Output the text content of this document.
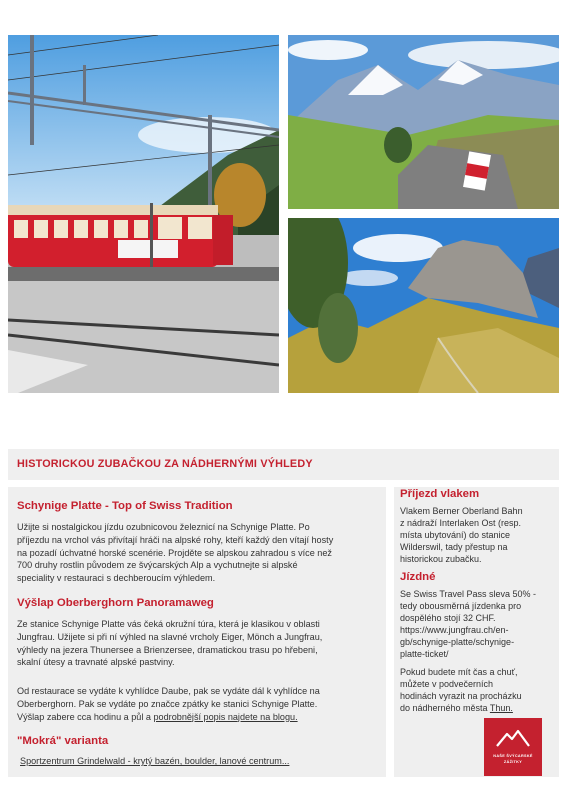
HISTORICKOU ZUBAČKOU ZA NÁDHERNÝMI VÝHLEDY
Schynige Platte - Top of Swiss Tradition
Užijte si nostalgickou jízdu ozubnicovou železnicí na Schynige Platte. Po
příjezdu na vrchol vás přivítají hráči na alpské rohy, kteří každý den vítají hosty
na pozadí úchvatné horské scenérie. Projděte se alpskou zahradou s více než
700 druhy rostlin původem ze švýcarských Alp a vychutnejte si alpské
speciality v restauraci s dechberoucím výhledem.
Výšlap Oberberghorn Panoramaweg
Ze stanice Schynige Platte vás čeká okružní túra, která je klasikou v oblasti
Jungfrau. Užijete si při ní výhled na slavné vrcholy Eiger, Mönch a Jungfrau,
výhledy na jezera Thunersee a Brienzersee, dramatickou trasu po hřebeni,
skalní útesy a travnaté alpské pastviny.
Od restaurace se vydáte k vyhlídce Daube, pak se vydáte dál k vyhlídce na
Oberberghorn. Pak se vydáte po značce zpátky ke stanici Schynige Platte.
Výšlap zabere cca hodinu a půl a podrobnější popis najdete na blogu.
"Mokrá" varianta
Sportzentrum Grindelwald - krytý bazén, boulder, lanové centrum...
Příjezd vlakem
Vlakem Berner Oberland Bahn
z nádraží Interlaken Ost (resp.
místa ubytování) do stanice
Wilderswil, tady přestup na
historickou zubačku.
Jízdné
Se Swiss Travel Pass sleva 50% -
tedy obousměrná jízdenka pro
dospělého stojí 32 CHF.
https://www.jungfrau.ch/en-
gb/schynige-platte/schynige-
platte-ticket/
Pokud budete mít čas a chuť,
můžete v podvečerních
hodinách vyrazit na procházku
do nádherného města Thun.
NAŠE ŠVÝCARSKÉ
ZÁŽITKY
